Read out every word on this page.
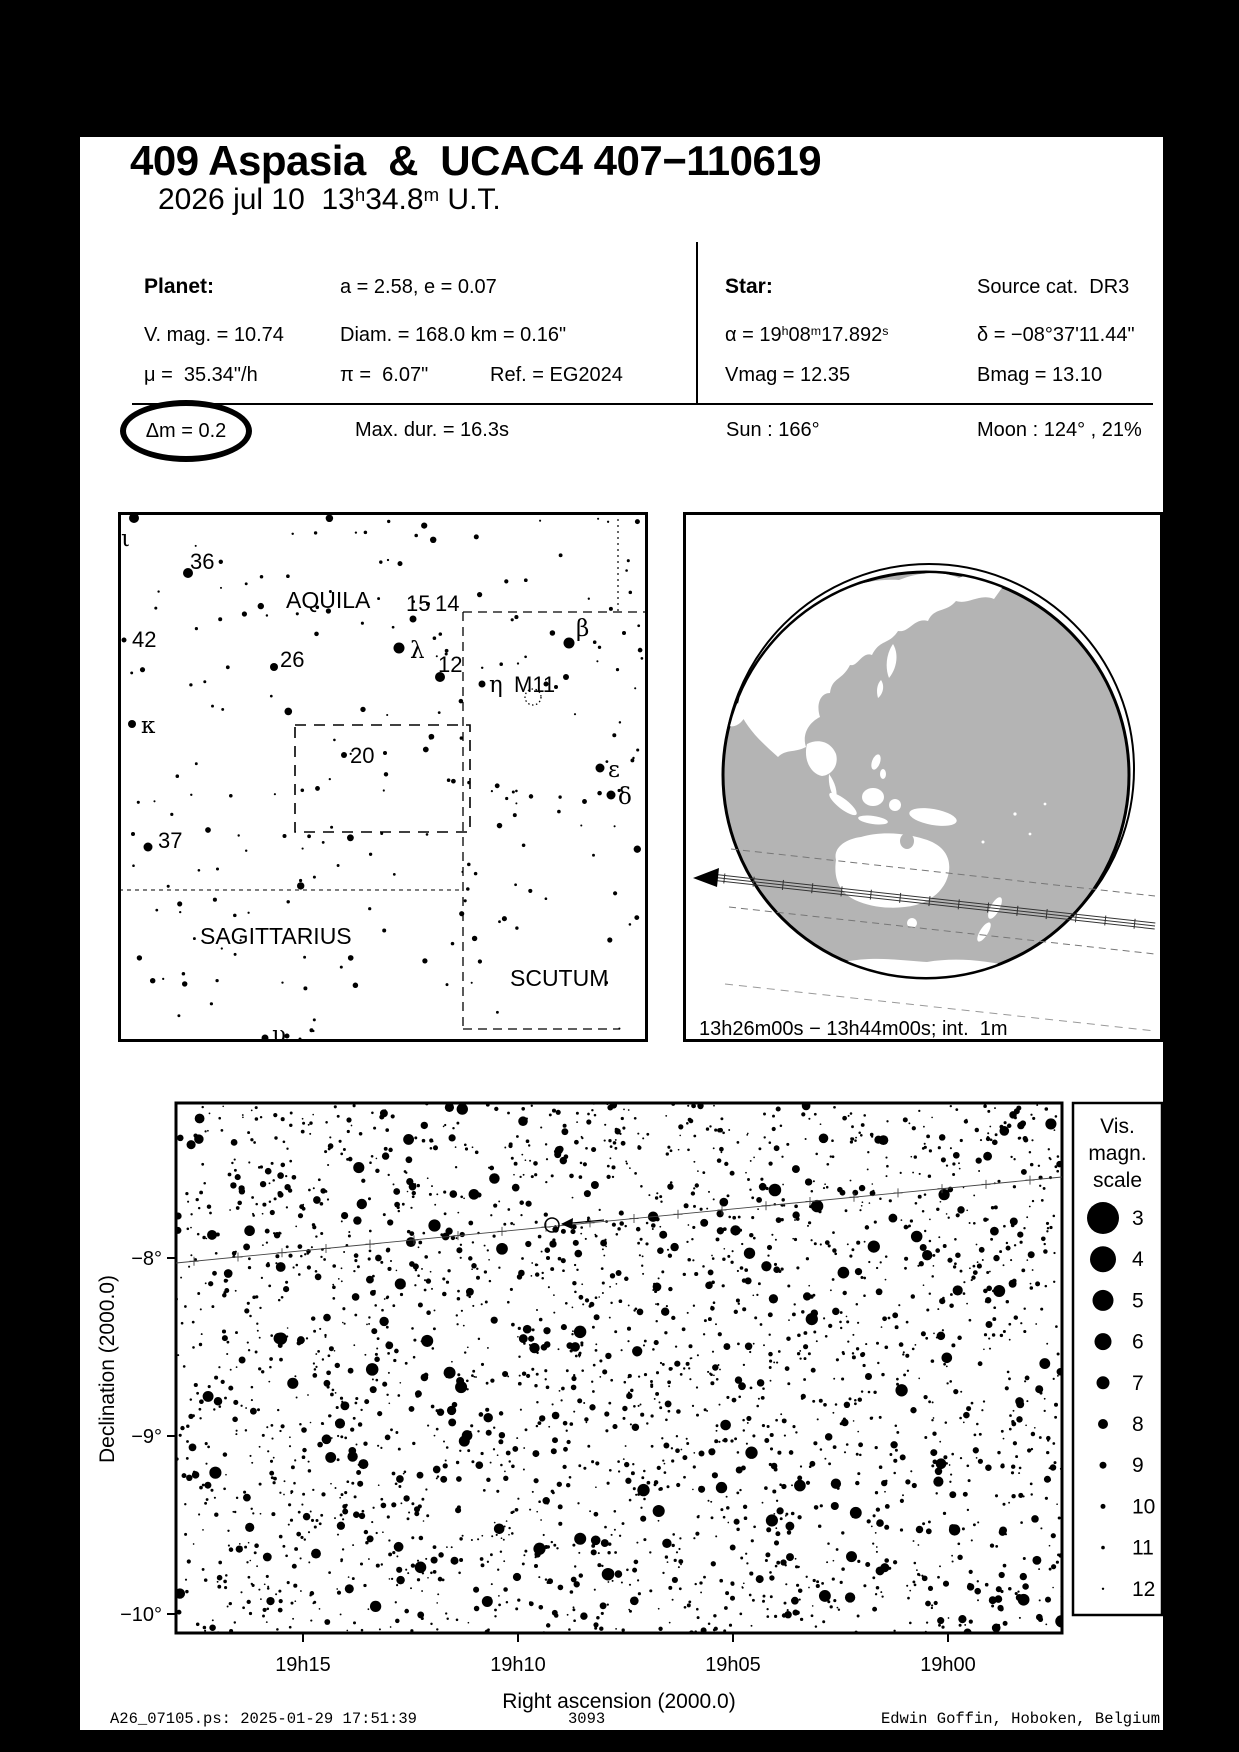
409 Aspasia  &  UCAC4 407−110619
2026 jul 10  13$^h$34.8$^m$ U.T.
Planet:	a = 2.58, e = 0.07
V. mag. = 10.74	Diam. = 168.0 km = 0.16"
μ =  35.34"/h	π =  6.07"	Ref. = EG2024
Star:	Source cat.  DR3
$\alpha = 19^h08^m17.892^s$	δ = −08°37'11.44"
Vmag = 12.35	Bmag = 13.10
Δm = 0.2	Max. dur. = 16.3s	Sun : 166°	Moon : 124° , 21%
ι
36
AQUILA 15 14
λ
42
26	12
η M11
β
κ
20
ε
δ
37
SAGITTARIUS
SCUTUM
υ	13h26m00s − 13h44m00s; int.  1m
−8°
−9°
−10°
19h15	19h10	19h05	19h00
Right ascension (2000.0)
Vis.
magn.
scale
3
4
5
6
7
8
9
10
11
12
Declination (2000.0)
A26_07105.ps: 2025-01-29 17:51:39	3093	Edwin Goffin, Hoboken, Belgium
